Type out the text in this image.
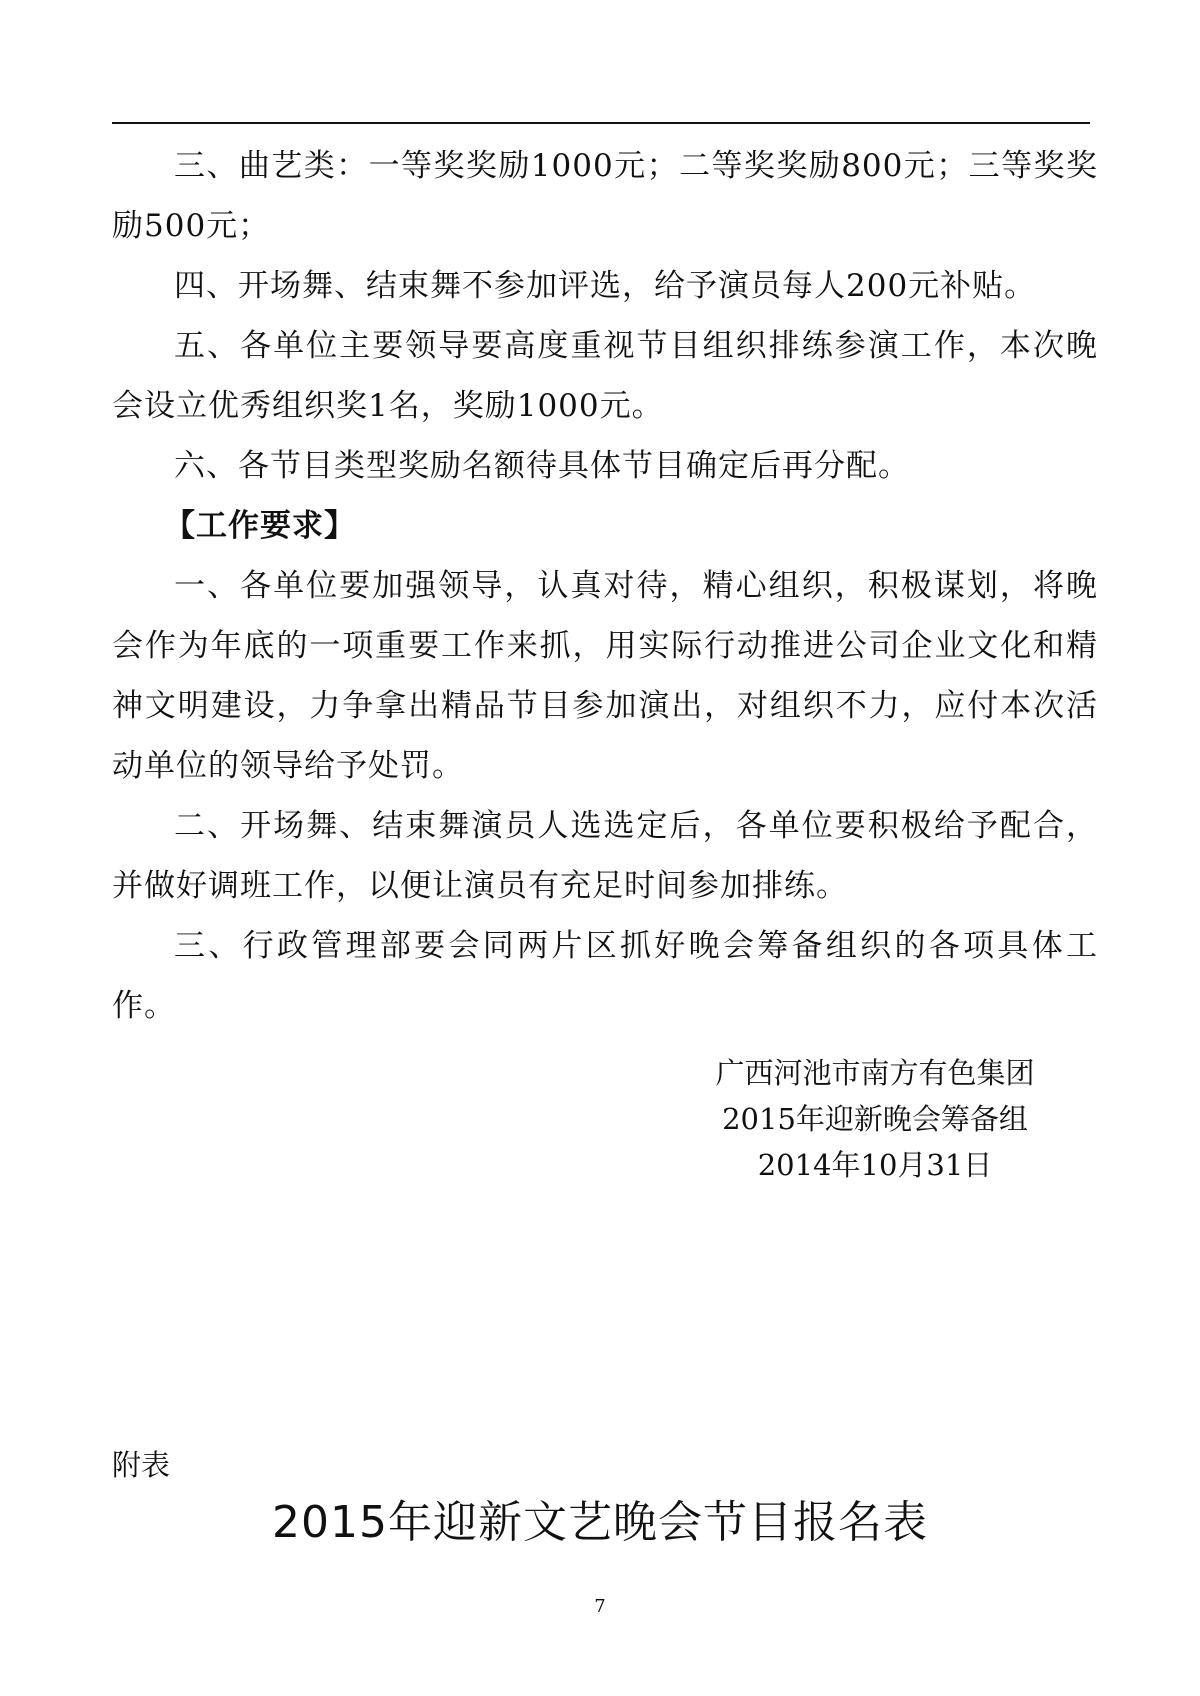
三、曲艺类：一等奖奖励1000元；二等奖奖励800元；三等奖奖励500元；

四、开场舞、结束舞不参加评选，给予演员每人200元补贴。

五、各单位主要领导要高度重视节目组织排练参演工作，本次晚会设立优秀组织奖1名，奖励1000元。

六、各节目类型奖励名额待具体节目确定后再分配。

【工作要求】

一、各单位要加强领导，认真对待，精心组织，积极谋划，将晚会作为年底的一项重要工作来抓，用实际行动推进公司企业文化和精神文明建设，力争拿出精品节目参加演出，对组织不力，应付本次活动单位的领导给予处罚。

二、开场舞、结束舞演员人选选定后，各单位要积极给予配合，并做好调班工作，以便让演员有充足时间参加排练。

三、行政管理部要会同两片区抓好晚会筹备组织的各项具体工作。

广西河池市南方有色集团
2015年迎新晚会筹备组
2014年10月31日
附表
2015年迎新文艺晚会节目报名表
7
